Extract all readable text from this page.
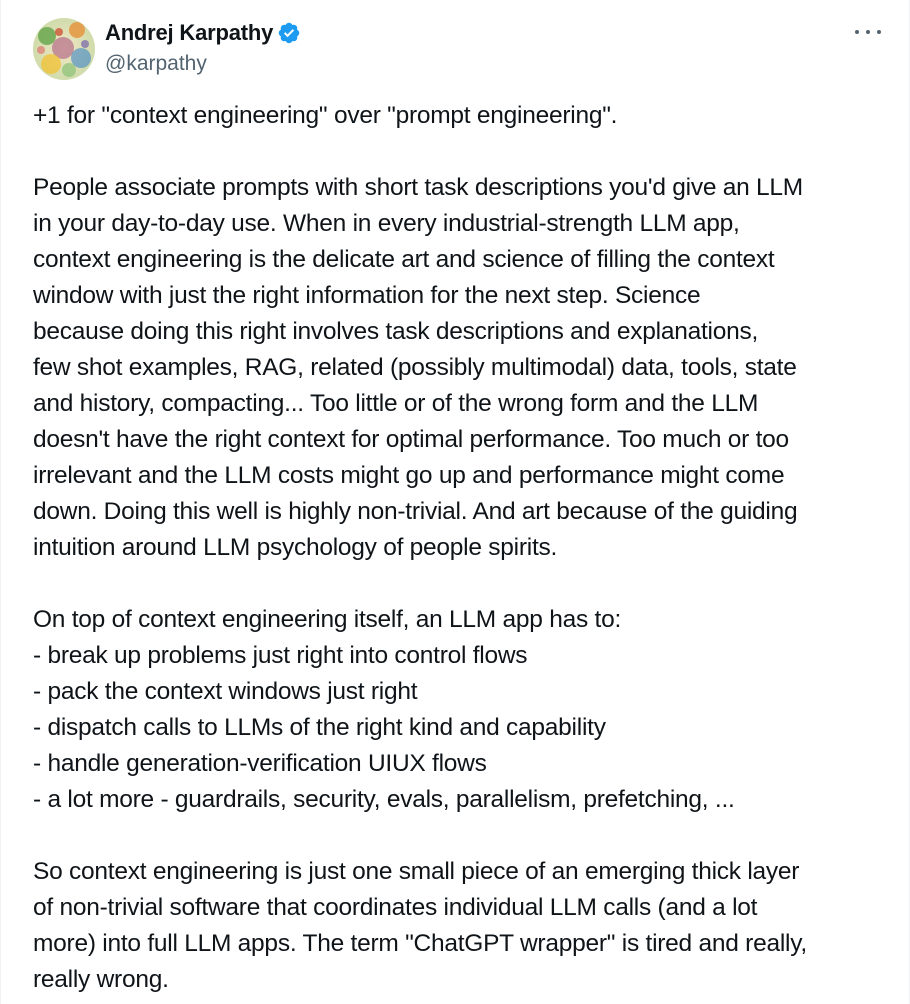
Andrej Karpathy
@karpathy

+1 for "context engineering" over "prompt engineering".

People associate prompts with short task descriptions you'd give an LLM
in your day-to-day use. When in every industrial-strength LLM app,
context engineering is the delicate art and science of filling the context
window with just the right information for the next step. Science
because doing this right involves task descriptions and explanations,
few shot examples, RAG, related (possibly multimodal) data, tools, state
and history, compacting... Too little or of the wrong form and the LLM
doesn't have the right context for optimal performance. Too much or too
irrelevant and the LLM costs might go up and performance might come
down. Doing this well is highly non-trivial. And art because of the guiding
intuition around LLM psychology of people spirits.

On top of context engineering itself, an LLM app has to:
- break up problems just right into control flows
- pack the context windows just right
- dispatch calls to LLMs of the right kind and capability
- handle generation-verification UIUX flows
- a lot more - guardrails, security, evals, parallelism, prefetching, ...

So context engineering is just one small piece of an emerging thick layer
of non-trivial software that coordinates individual LLM calls (and a lot
more) into full LLM apps. The term "ChatGPT wrapper" is tired and really,
really wrong.
